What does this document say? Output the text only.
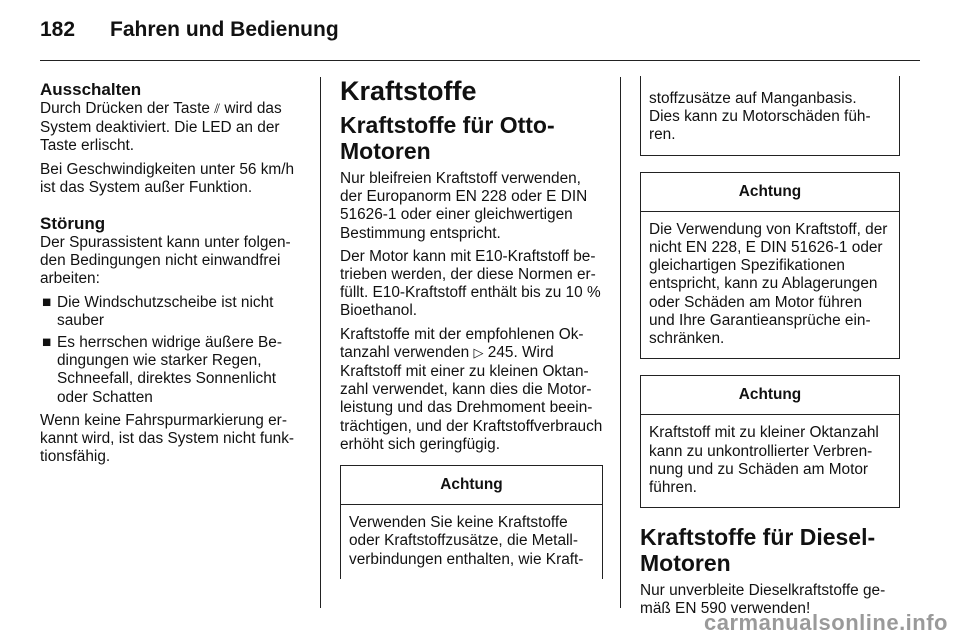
182 Fahren und Bedienung
Ausschalten

Durch Drücken der Taste ⫽ wird das System deaktiviert. Die LED an der Taste erlischt.

Bei Geschwindigkeiten unter 56 km/h ist das System außer Funktion.

Störung

Der Spurassistent kann unter folgenden Bedingungen nicht einwandfrei arbeiten:

■ Die Windschutzscheibe ist nicht sauber
■ Es herrschen widrige äußere Bedingungen wie starker Regen, Schneefall, direktes Sonnenlicht oder Schatten

Wenn keine Fahrspurmarkierung erkannt wird, ist das System nicht funktionsfähig.

Kraftstoffe
Kraftstoffe für OttoMotoren

Nur bleifreien Kraftstoff verwenden, der Europanorm EN 228 oder E DIN 51626-1 oder einer gleichwertigen Bestimmung entspricht.

Der Motor kann mit E10-Kraftstoff betrieben werden, der diese Normen erfüllt. E10-Kraftstoff enthält bis zu 10 % Bioethanol.

Kraftstoffe mit der empfohlenen Oktanzahl verwenden ▷ 245. Wird Kraftstoff mit einer zu kleinen Oktanzahl verwendet, kann dies die Motorleistung und das Drehmoment beeinträchtigen, und der Kraftstoffverbrauch erhöht sich geringfügig.

Achtung
Verwenden Sie keine Kraftstoffe oder Kraftstoffzusätze, die Metallverbindungen enthalten, wie Kraft-
stoffzusätze auf Manganbasis. Dies kann zu Motorschäden führen.
Achtung
Die Verwendung von Kraftstoff, der nicht EN 228, E DIN 51626-1 oder gleichartigen Spezifikationen entspricht, kann zu Ablagerungen oder Schäden am Motor führen und Ihre Garantieansprüche einschränken.
Achtung
Kraftstoff mit zu kleiner Oktanzahl kann zu unkontrollierter Verbrennung und zu Schäden am Motor führen.
Kraftstoffe für DieselMotoren

Nur unverbleite Dieselkraftstoffe gemäß EN 590 verwenden!

carmanualsonline.info
